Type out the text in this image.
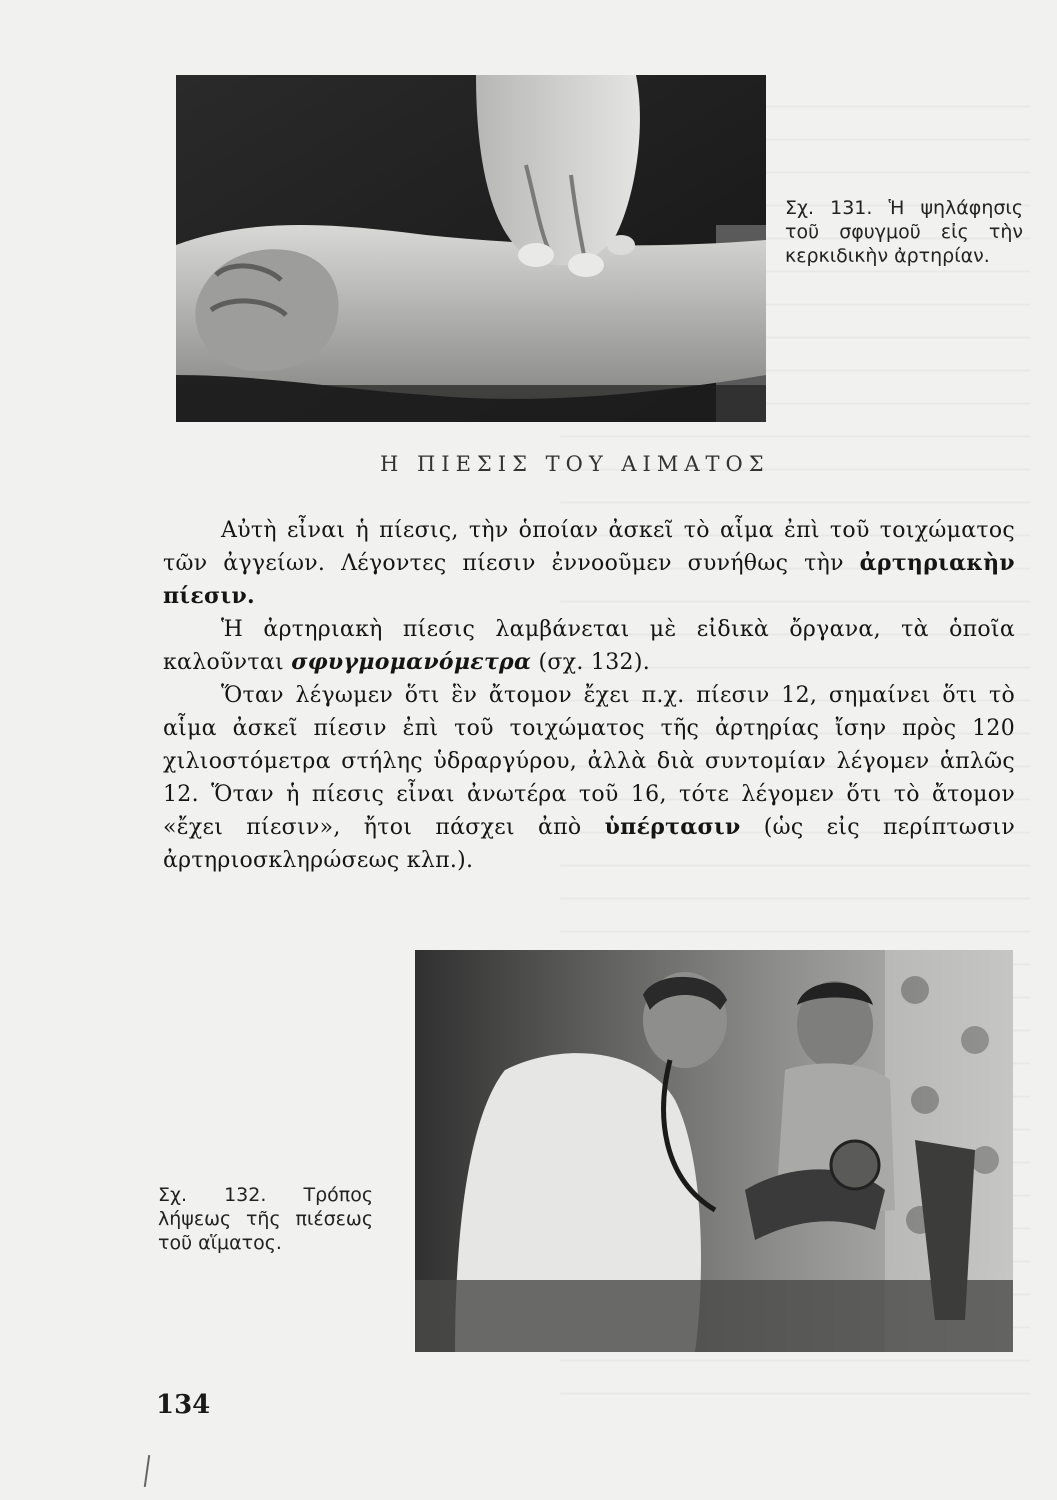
Σχ. 131. Ἡ ψηλάφησις τοῦ σφυγμοῦ εἰς τὴν κερκιδικὴν ἀρτηρίαν.
Η ΠΙΕΣΙΣ ΤΟΥ ΑΙΜΑΤΟΣ

Αὐτὴ εἶναι ἡ πίεσις, τὴν ὁποίαν ἀσκεῖ τὸ αἷμα ἐπὶ τοῦ τοιχώματος τῶν ἀγγείων. Λέγοντες πίεσιν ἐννοοῦμεν συνήθως τὴν ἀρτηριακὴν πίεσιν.

Ἡ ἀρτηριακὴ πίεσις λαμβάνεται μὲ εἰδικὰ ὄργανα, τὰ ὁποῖα καλοῦνται σφυγμομανόμετρα (σχ. 132).

Ὅταν λέγωμεν ὅτι ἓν ἄτομον ἔχει π.χ. πίεσιν 12, σημαίνει ὅτι τὸ αἷμα ἀσκεῖ πίεσιν ἐπὶ τοῦ τοιχώματος τῆς ἀρτηρίας ἴσην πρὸς 120 χιλιοστόμετρα στήλης ὑδραργύρου, ἀλλὰ διὰ συντομίαν λέγομεν ἁπλῶς 12. Ὅταν ἡ πίεσις εἶναι ἀνωτέρα τοῦ 16, τότε λέγομεν ὅτι τὸ ἄτομον «ἔχει πίεσιν», ἤτοι πάσχει ἀπὸ ὑπέρτασιν (ὡς εἰς περίπτωσιν ἀρτηριοσκληρώσεως κλπ.).

Σχ. 132. Τρόπος λήψεως τῆς πιέσεως τοῦ αἵματος.
134
